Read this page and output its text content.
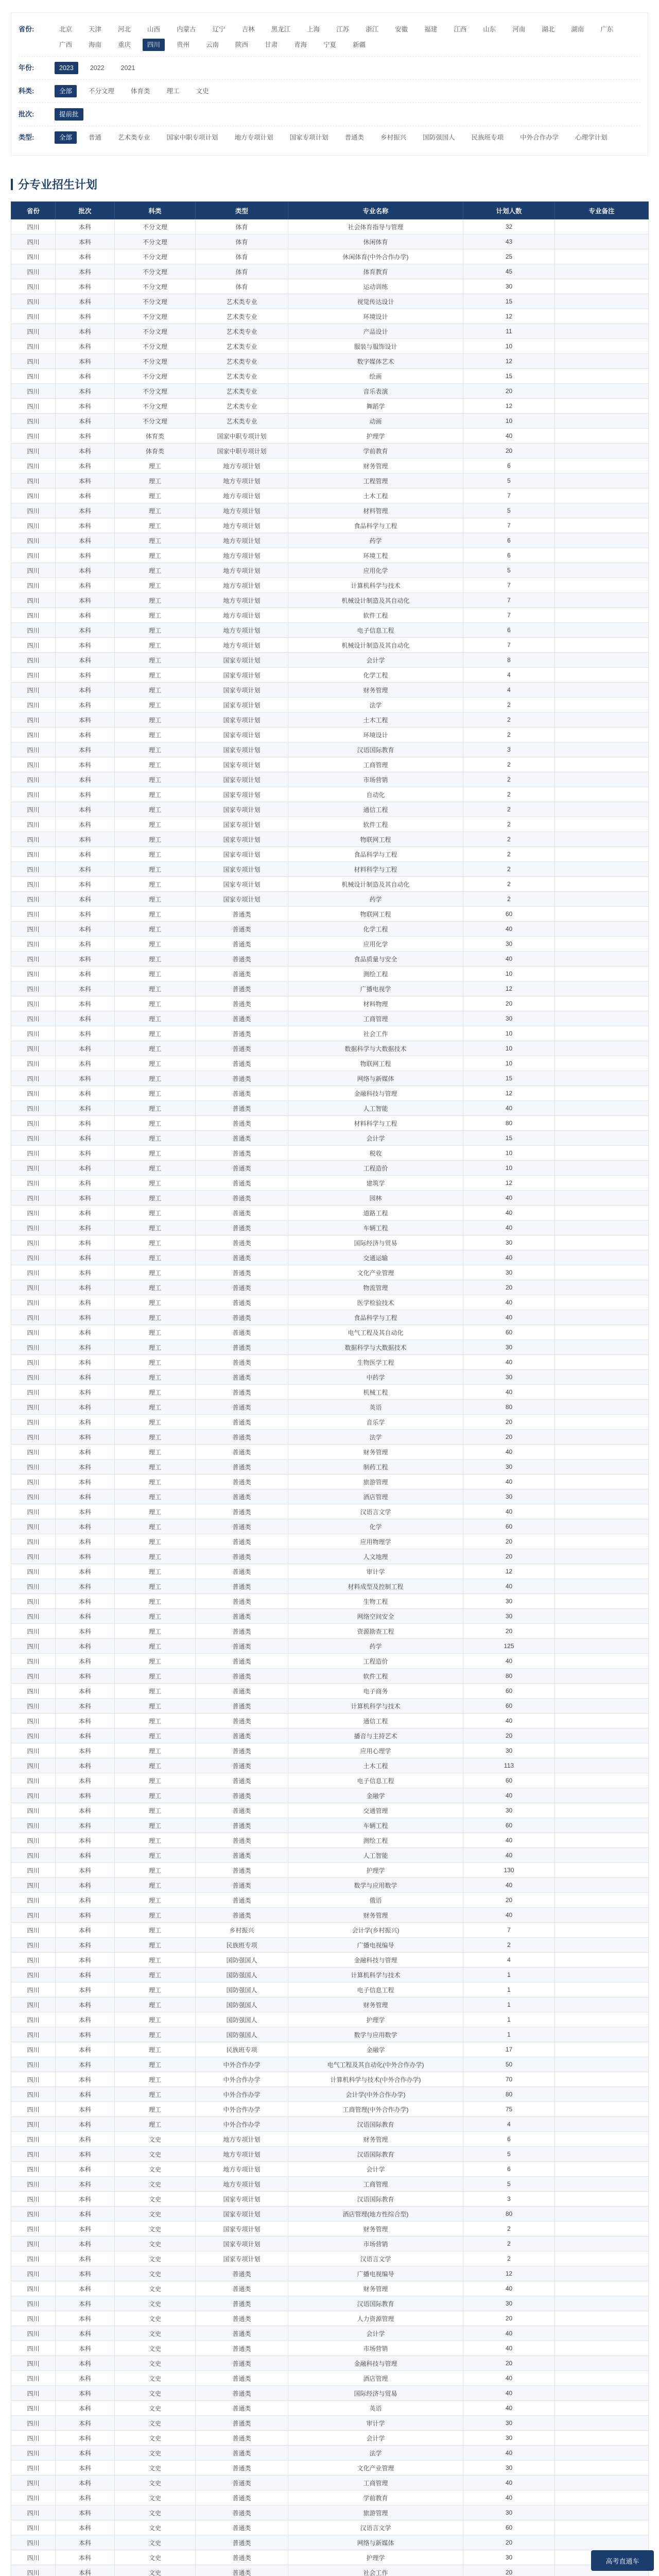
省份:	北京	天津	河北	山西	内蒙古	辽宁	吉林	黑龙江	上海	江苏	浙江	安徽	福建	江西	山东	河南	湖北	湖南	广东
广西	海南	重庆	四川	贵州	云南	陕西	甘肃	青海	宁夏	新疆
年份:	2023	2022	2021
科类:	全部	不分文理	体育类	理工	文史
批次:	提前批
类型:	全部	普通	艺术类专业	国家中职专项计划	地方专项计划	国家专项计划	普通类	乡村振兴	国防强国人	民族班专项	中外合作办学	心理学计划
分专业招生计划
省份	批次	科类	类型	专业名称	计划人数	专业备注
四川	本科	不分文理	体育	社会体育指导与管理	32	
四川	本科	不分文理	体育	休闲体育	43	
四川	本科	不分文理	体育	休闲体育(中外合作办学)	25	
四川	本科	不分文理	体育	体育教育	45	
四川	本科	不分文理	体育	运动训练	30	
四川	本科	不分文理	艺术类专业	视觉传达设计	15	
四川	本科	不分文理	艺术类专业	环境设计	12	
四川	本科	不分文理	艺术类专业	产品设计	11	
四川	本科	不分文理	艺术类专业	服装与服饰设计	10	
四川	本科	不分文理	艺术类专业	数字媒体艺术	12	
四川	本科	不分文理	艺术类专业	绘画	15	
四川	本科	不分文理	艺术类专业	音乐表演	20	
四川	本科	不分文理	艺术类专业	舞蹈学	12	
四川	本科	不分文理	艺术类专业	动画	10	
四川	本科	体育类	国家中职专项计划	护理学	40	
四川	本科	体育类	国家中职专项计划	学前教育	20	
四川	本科	理工	地方专项计划	财务管理	6	
四川	本科	理工	地方专项计划	工程管理	5	
四川	本科	理工	地方专项计划	土木工程	7	
四川	本科	理工	地方专项计划	材料管理	5	
四川	本科	理工	地方专项计划	食品科学与工程	7	
四川	本科	理工	地方专项计划	药学	6	
四川	本科	理工	地方专项计划	环境工程	6	
四川	本科	理工	地方专项计划	应用化学	5	
四川	本科	理工	地方专项计划	计算机科学与技术	7	
四川	本科	理工	地方专项计划	机械设计制造及其自动化	7	
四川	本科	理工	地方专项计划	软件工程	7	
四川	本科	理工	地方专项计划	电子信息工程	6	
四川	本科	理工	地方专项计划	机械设计制造及其自动化	7	
四川	本科	理工	国家专项计划	会计学	8	
四川	本科	理工	国家专项计划	化学工程	4	
四川	本科	理工	国家专项计划	财务管理	4	
四川	本科	理工	国家专项计划	法学	2	
四川	本科	理工	国家专项计划	土木工程	2	
四川	本科	理工	国家专项计划	环境设计	2	
四川	本科	理工	国家专项计划	汉语国际教育	3	
四川	本科	理工	国家专项计划	工商管理	2	
四川	本科	理工	国家专项计划	市场营销	2	
四川	本科	理工	国家专项计划	自动化	2	
四川	本科	理工	国家专项计划	通信工程	2	
四川	本科	理工	国家专项计划	软件工程	2	
四川	本科	理工	国家专项计划	物联网工程	2	
四川	本科	理工	国家专项计划	食品科学与工程	2	
四川	本科	理工	国家专项计划	材料科学与工程	2	
四川	本科	理工	国家专项计划	机械设计制造及其自动化	2	
四川	本科	理工	国家专项计划	药学	2	
四川	本科	理工	普通类	物联网工程	60	
四川	本科	理工	普通类	化学工程	40	
四川	本科	理工	普通类	应用化学	30	
四川	本科	理工	普通类	食品质量与安全	40	
四川	本科	理工	普通类	测绘工程	10	
四川	本科	理工	普通类	广播电视学	12	
四川	本科	理工	普通类	材料物理	20	
四川	本科	理工	普通类	工商管理	30	
四川	本科	理工	普通类	社会工作	10	
四川	本科	理工	普通类	数据科学与大数据技术	10	
四川	本科	理工	普通类	物联网工程	10	
四川	本科	理工	普通类	网络与新媒体	15	
四川	本科	理工	普通类	金融科技与管理	12	
四川	本科	理工	普通类	人工智能	40	
四川	本科	理工	普通类	材料科学与工程	80	
四川	本科	理工	普通类	会计学	15	
四川	本科	理工	普通类	税收	10	
四川	本科	理工	普通类	工程造价	10	
四川	本科	理工	普通类	建筑学	12	
四川	本科	理工	普通类	园林	40	
四川	本科	理工	普通类	道路工程	40	
四川	本科	理工	普通类	车辆工程	40	
四川	本科	理工	普通类	国际经济与贸易	30	
四川	本科	理工	普通类	交通运输	40	
四川	本科	理工	普通类	文化产业管理	30	
四川	本科	理工	普通类	物流管理	20	
四川	本科	理工	普通类	医学检验技术	40	
四川	本科	理工	普通类	食品科学与工程	40	
四川	本科	理工	普通类	电气工程及其自动化	60	
四川	本科	理工	普通类	数据科学与大数据技术	30	
四川	本科	理工	普通类	生物医学工程	40	
四川	本科	理工	普通类	中药学	30	
四川	本科	理工	普通类	机械工程	40	
四川	本科	理工	普通类	英语	80	
四川	本科	理工	普通类	音乐学	20	
四川	本科	理工	普通类	法学	20	
四川	本科	理工	普通类	财务管理	40	
四川	本科	理工	普通类	制药工程	30	
四川	本科	理工	普通类	旅游管理	40	
四川	本科	理工	普通类	酒店管理	30	
四川	本科	理工	普通类	汉语言文学	40	
四川	本科	理工	普通类	化学	60	
四川	本科	理工	普通类	应用物理学	20	
四川	本科	理工	普通类	人文地理	20	
四川	本科	理工	普通类	审计学	12	
四川	本科	理工	普通类	材料成型及控制工程	40	
四川	本科	理工	普通类	生物工程	30	
四川	本科	理工	普通类	网络空间安全	30	
四川	本科	理工	普通类	资源勘查工程	20	
四川	本科	理工	普通类	药学	125	
四川	本科	理工	普通类	工程造价	40	
四川	本科	理工	普通类	软件工程	80	
四川	本科	理工	普通类	电子商务	60	
四川	本科	理工	普通类	计算机科学与技术	60	
四川	本科	理工	普通类	通信工程	40	
四川	本科	理工	普通类	播音与主持艺术	20	
四川	本科	理工	普通类	应用心理学	30	
四川	本科	理工	普通类	土木工程	113	
四川	本科	理工	普通类	电子信息工程	60	
四川	本科	理工	普通类	金融学	40	
四川	本科	理工	普通类	交通管理	30	
四川	本科	理工	普通类	车辆工程	60	
四川	本科	理工	普通类	测绘工程	40	
四川	本科	理工	普通类	人工智能	40	
四川	本科	理工	普通类	护理学	130	
四川	本科	理工	普通类	数学与应用数学	40	
四川	本科	理工	普通类	俄语	20	
四川	本科	理工	普通类	财务管理	40	
四川	本科	理工	乡村振兴	会计学(乡村振兴)	7	
四川	本科	理工	民族班专项	广播电视编导	2	
四川	本科	理工	国防强国人	金融科技与管理	4	
四川	本科	理工	国防强国人	计算机科学与技术	1	
四川	本科	理工	国防强国人	电子信息工程	1	
四川	本科	理工	国防强国人	财务管理	1	
四川	本科	理工	国防强国人	护理学	1	
四川	本科	理工	国防强国人	数学与应用数学	1	
四川	本科	理工	民族班专项	金融学	17	
四川	本科	理工	中外合作办学	电气工程及其自动化(中外合作办学)	50	
四川	本科	理工	中外合作办学	计算机科学与技术(中外合作办学)	70	
四川	本科	理工	中外合作办学	会计学(中外合作办学)	80	
四川	本科	理工	中外合作办学	工商管理(中外合作办学)	75	
四川	本科	理工	中外合作办学	汉语国际教育	4	
四川	本科	文史	地方专项计划	财务管理	6	
四川	本科	文史	地方专项计划	汉语国际教育	5	
四川	本科	文史	地方专项计划	会计学	6	
四川	本科	文史	地方专项计划	工商管理	5	
四川	本科	文史	国家专项计划	汉语国际教育	3	
四川	本科	文史	国家专项计划	酒店管理(地方性综合型)	80	
四川	本科	文史	国家专项计划	财务管理	2	
四川	本科	文史	国家专项计划	市场营销	2	
四川	本科	文史	国家专项计划	汉语言文学	2	
四川	本科	文史	普通类	广播电视编导	12	
四川	本科	文史	普通类	财务管理	40	
四川	本科	文史	普通类	汉语国际教育	30	
四川	本科	文史	普通类	人力资源管理	20	
四川	本科	文史	普通类	会计学	40	
四川	本科	文史	普通类	市场营销	40	
四川	本科	文史	普通类	金融科技与管理	20	
四川	本科	文史	普通类	酒店管理	40	
四川	本科	文史	普通类	国际经济与贸易	40	
四川	本科	文史	普通类	英语	40	
四川	本科	文史	普通类	审计学	30	
四川	本科	文史	普通类	会计学	30	
四川	本科	文史	普通类	法学	40	
四川	本科	文史	普通类	文化产业管理	30	
四川	本科	文史	普通类	工商管理	40	
四川	本科	文史	普通类	学前教育	40	
四川	本科	文史	普通类	旅游管理	30	
四川	本科	文史	普通类	汉语言文学	60	
四川	本科	文史	普通类	网络与新媒体	20	
四川	本科	文史	普通类	护理学	30	
四川	本科	文史	普通类	社会工作	20	

高考直通车
